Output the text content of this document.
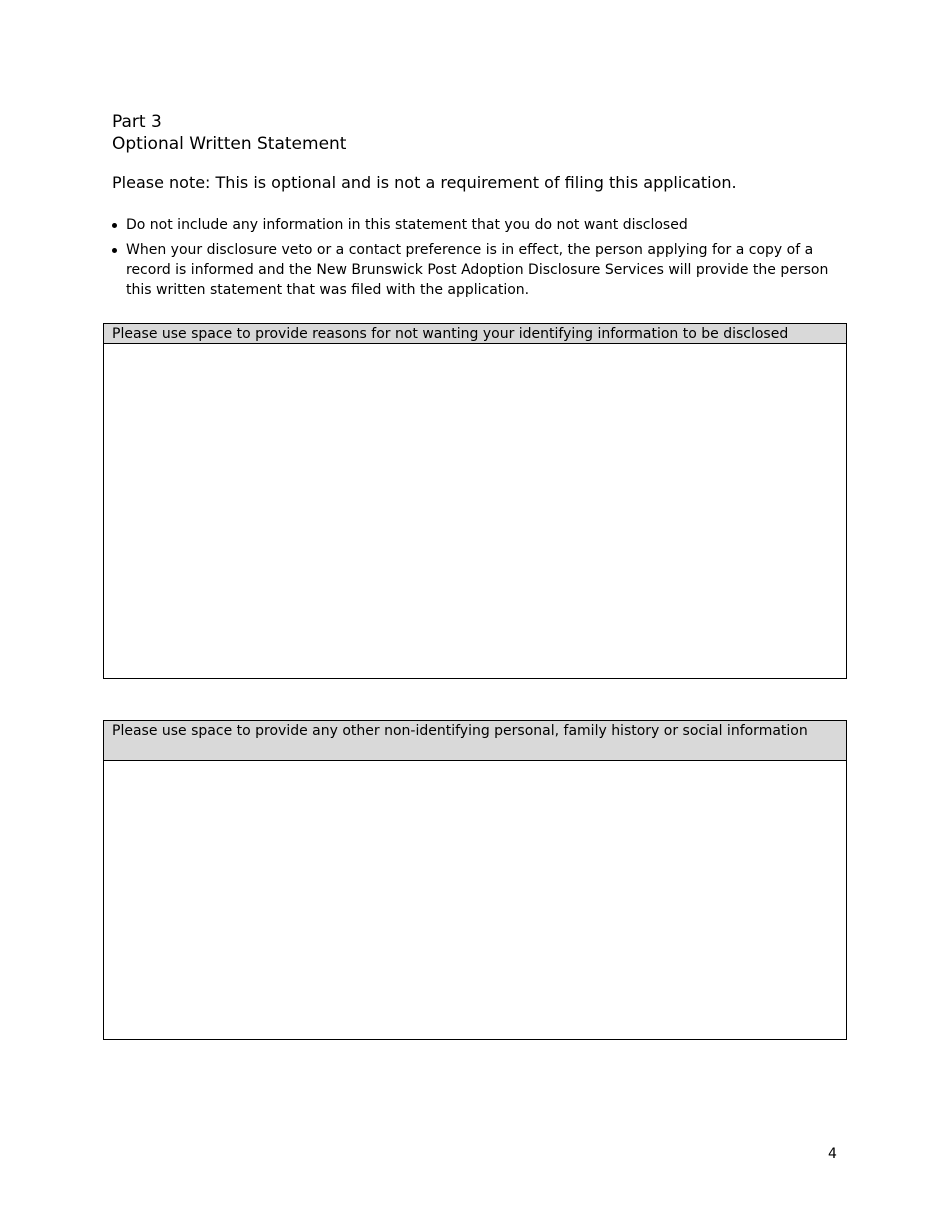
Part 3
Optional Written Statement
Please note: This is optional and is not a requirement of filing this application.
Do not include any information in this statement that you do not want disclosed
When your disclosure veto or a contact preference is in effect, the person applying for a copy of a record is informed and the New Brunswick Post Adoption Disclosure Services will provide the person this written statement that was filed with the application.
Please use space to provide reasons for not wanting your identifying information to be disclosed
Please use space to provide any other non-identifying personal, family history or social information
4
